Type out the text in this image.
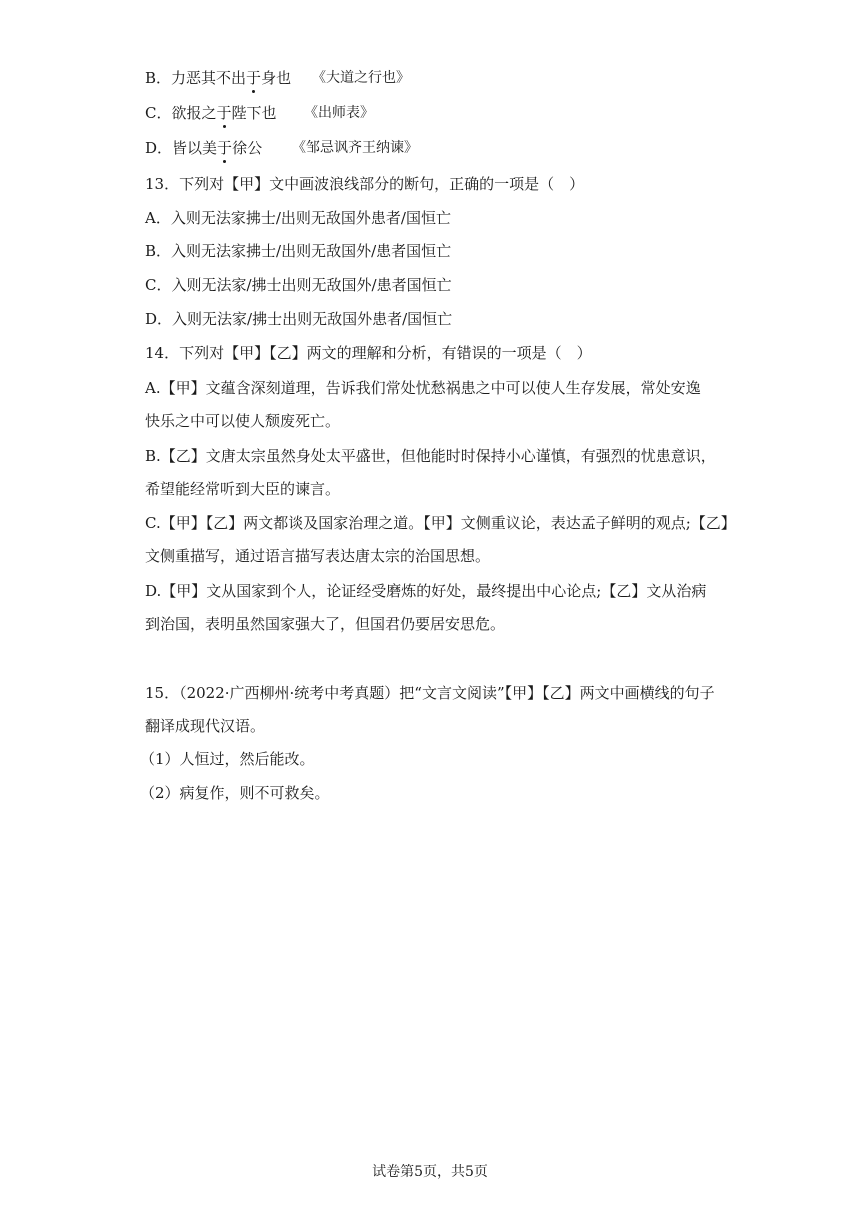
B．力恶其不出于身也 《大道之行也》
C．欲报之于陛下也 《出师表》
D．皆以美于徐公 《邹忌讽齐王纳谏》
13．下列对【甲】文中画波浪线部分的断句，正确的一项是（　）
A．入则无法家拂士/出则无敌国外患者/国恒亡
B．入则无法家拂士/出则无敌国外/患者国恒亡
C．入则无法家/拂士出则无敌国外/患者国恒亡
D．入则无法家/拂士出则无敌国外患者/国恒亡
14．下列对【甲】【乙】两文的理解和分析，有错误的一项是（　）
A.【甲】文蕴含深刻道理，告诉我们常处忧愁祸患之中可以使人生存发展，常处安逸
快乐之中可以使人颓废死亡。
B.【乙】文唐太宗虽然身处太平盛世，但他能时时保持小心谨慎，有强烈的忧患意识，
希望能经常听到大臣的谏言。
C.【甲】【乙】两文都谈及国家治理之道。【甲】文侧重议论，表达孟子鲜明的观点;【乙】
文侧重描写，通过语言描写表达唐太宗的治国思想。
D.【甲】文从国家到个人，论证经受磨炼的好处，最终提出中心论点;【乙】文从治病
到治国，表明虽然国家强大了，但国君仍要居安思危。
15．（2022·广西柳州·统考中考真题）把“文言文阅读”【甲】【乙】两文中画横线的句子
翻译成现代汉语。
（1）人恒过，然后能改。
（2）病复作，则不可救矣。
试卷第5页，共5页
